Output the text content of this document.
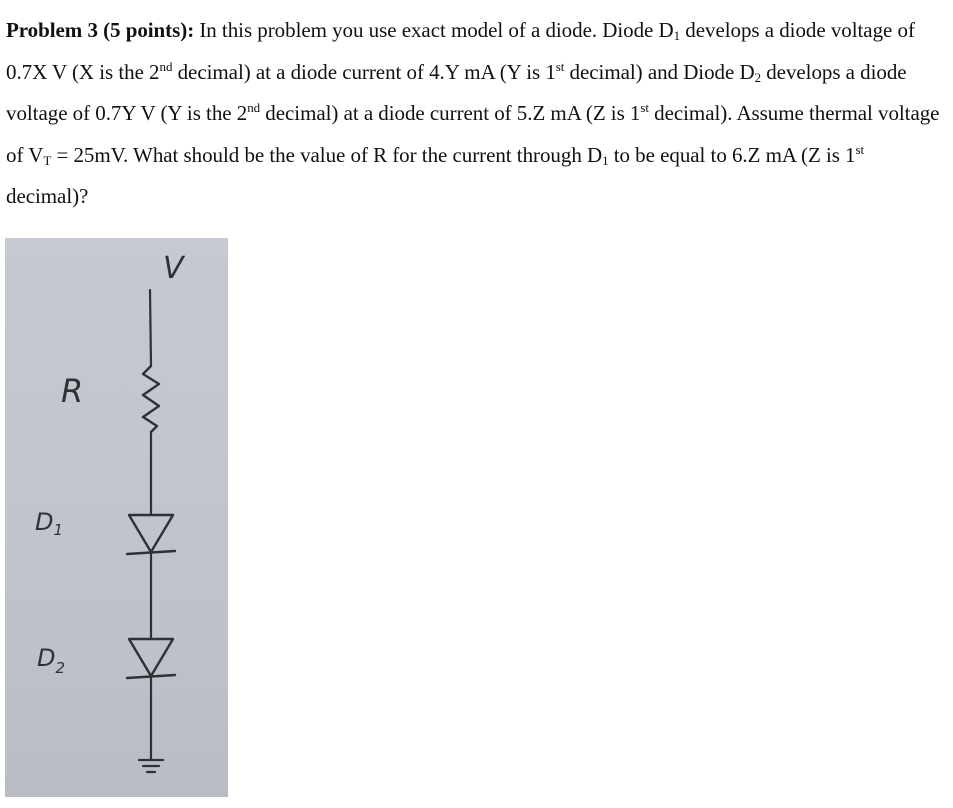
Problem 3 (5 points): In this problem you use exact model of a diode. Diode $D_1$ develops a diode voltage of 0.7X V (X is the 2nd decimal) at a diode current of 4.Y mA (Y is 1st decimal) and Diode $D_2$ develops a diode voltage of 0.7Y V (Y is the 2nd decimal) at a diode current of 5.Z mA (Z is 1st decimal). Assume thermal voltage of $V_T = 25mV$. What should be the value of R for the current through $D_1$ to be equal to 6.Z mA (Z is 1st decimal)?

V
R
$D_1$
$D_2$
